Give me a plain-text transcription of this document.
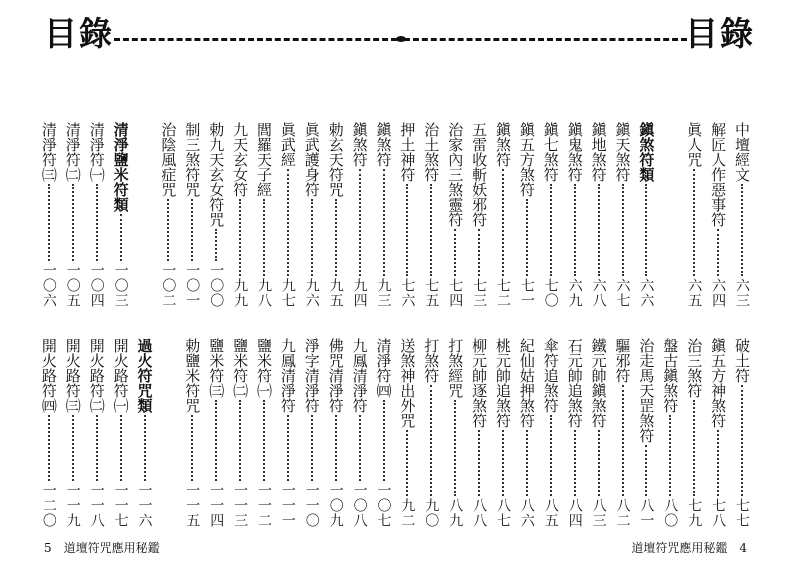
目錄	目錄
中壇經文
六三
解匠人作惡事符
六四
眞人咒
六五
鎭煞符類
六六
鎭天煞符
六七
鎭地煞符
六八
鎭鬼煞符
六九
鎭七煞符
七〇
鎭五方煞符
七一
鎭煞符
七二
五雷收斬妖邪符
七三
治家內三煞靈符
七四
治土煞符
七五
押土神符
七六
鎭煞符
九三
鎭煞符
九四
勅玄天符咒
九五
眞武護身符
九六
眞武經
九七
閭羅天子經
九八
九天玄女符
九九
勅九天玄女符咒
一〇〇
制三煞符咒
一〇一
治陰風症咒
一〇二
清淨鹽米符類
一〇三
清淨符㈠
一〇四
清淨符㈡
一〇五
清淨符㈢
一〇六
破土符
七七
鎭五方神煞符
七八
治三煞符
七九
盤古鎭煞符
八〇
治走馬天罡煞符
八一
驅邪符
八二
鐵元帥鎭煞符
八三
石元帥追煞符
八四
傘符追煞符
八五
紀仙姑押煞符
八六
桃元帥追煞符
八七
柳元帥逐煞符
八八
打煞經咒
八九
打煞符
九〇
送煞神出外咒
九二
清淨符㈣
一〇七
九鳳清淨符
一〇八
佛咒清淨符
一〇九
淨字清淨符
一一〇
九鳳清淨符
一一一
鹽米符㈠
一一二
鹽米符㈡
一一三
鹽米符㈢
一一四
勅鹽米符咒
一一五
過火符咒類
一一六
開火路符㈠
一一七
開火路符㈡
一一八
開火路符㈢
一一九
開火路符㈣
一二〇

5 道壇符咒應用秘鑑	道壇符咒應用秘鑑 4
